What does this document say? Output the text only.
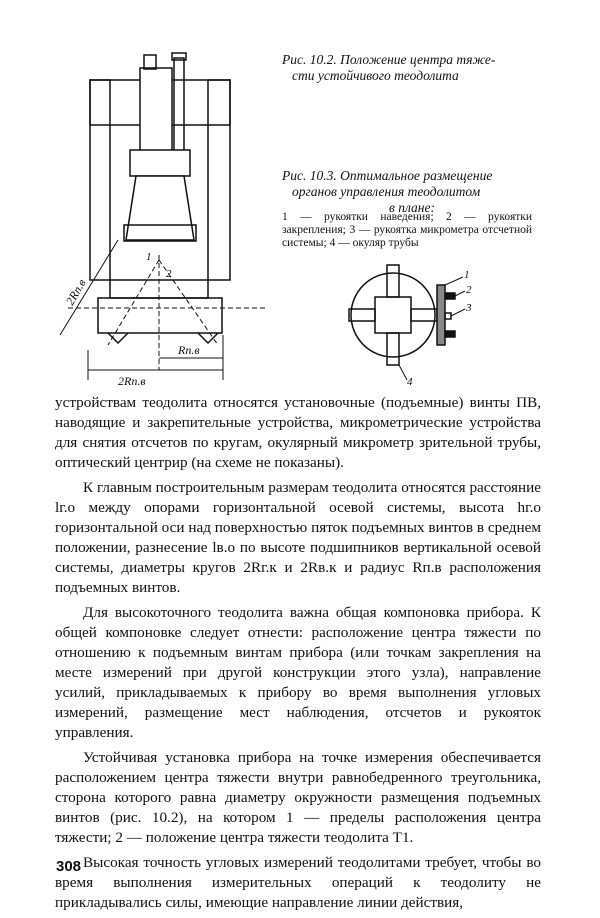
2Rп.в
Rп.в
2Rп.в
1
2
Рис. 10.2. Положение центра тяже-
сти устойчивого теодолита
Рис. 10.3. Оптимальное размещение
органов управления теодолитом
в плане:
1 — рукоятки наведения; 2 — рукоятки закрепления; 3 — рукоятка микрометра отсчетной системы; 4 — окуляр трубы
1
2
3
4

устройствам теодолита относятся установочные (подъемные) винты ПВ, наводящие и закрепительные устройства, микрометрические устройства для снятия отсчетов по кругам, окулярный микрометр зрительной трубы, оптический центрир (на схеме не показаны).

К главным построительным размерам теодолита относятся расстояние lг.о между опорами горизонтальной осевой системы, высота hг.о горизонтальной оси над поверхностью пяток подъемных винтов в среднем положении, разнесение lв.о по высоте подшипников вертикальной осевой системы, диаметры кругов 2Rг.к и 2Rв.к и радиус Rп.в расположения подъемных винтов.

Для высокоточного теодолита важна общая компоновка прибора. К общей компоновке следует отнести: расположение центра тяжести по отношению к подъемным винтам прибора (или точкам закрепления на месте измерений при другой конструкции этого узла), направление усилий, прикладываемых к прибору во время выполнения угловых измерений, размещение мест наблюдения, отсчетов и рукояток управления.

Устойчивая установка прибора на точке измерения обеспечивается расположением центра тяжести внутри равнобедренного треугольника, сторона которого равна диаметру окружности размещения подъемных винтов (рис. 10.2), на котором 1 — пределы расположения центра тяжести; 2 — положение центра тяжести теодолита Т1.

Высокая точность угловых измерений теодолитами требует, чтобы во время выполнения измерительных операций к теодолиту не прикладывались силы, имеющие направление линии действия,

308
